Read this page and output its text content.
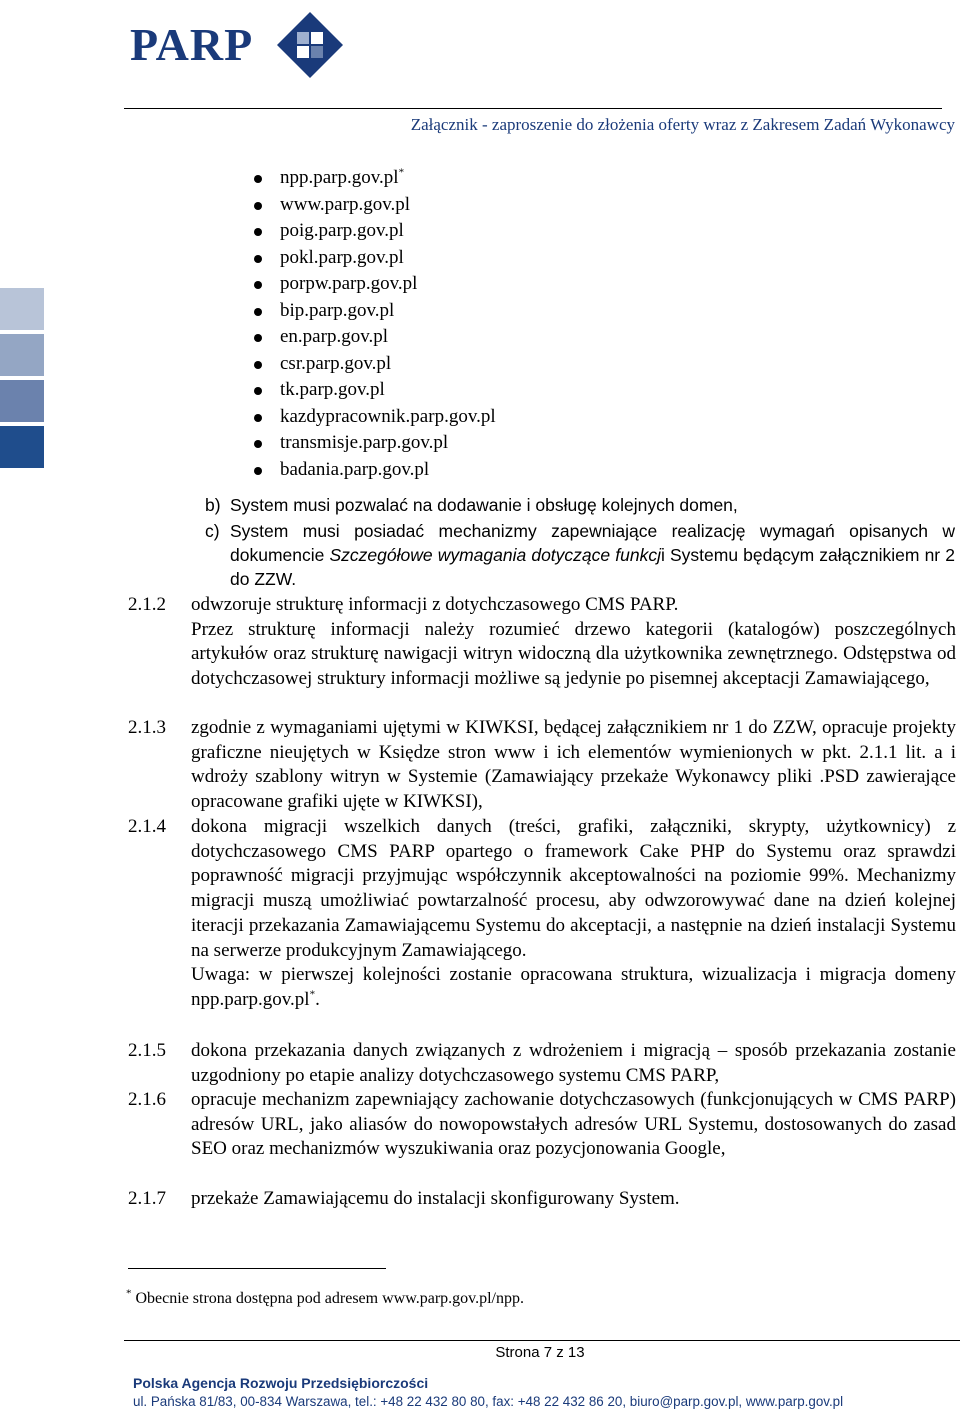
PARP
Załącznik - zaproszenie do złożenia oferty wraz z Zakresem Zadań Wykonawcy
npp.parp.gov.pl*
www.parp.gov.pl
poig.parp.gov.pl
pokl.parp.gov.pl
porpw.parp.gov.pl
bip.parp.gov.pl
en.parp.gov.pl
csr.parp.gov.pl
tk.parp.gov.pl
kazdypracownik.parp.gov.pl
transmisje.parp.gov.pl
badania.parp.gov.pl
b) System musi pozwalać na dodawanie i obsługę kolejnych domen,
c) System musi posiadać mechanizmy zapewniające realizację wymagań opisanych w dokumencie Szczegółowe wymagania dotyczące funkcji Systemu będącym załącznikiem nr 2 do ZZW.
2.1.2 odwzoruje strukturę informacji z dotychczasowego CMS PARP.

Przez strukturę informacji należy rozumieć drzewo kategorii (katalogów) poszczególnych artykułów oraz strukturę nawigacji witryn widoczną dla użytkownika zewnętrznego. Odstępstwa od dotychczasowej struktury informacji możliwe są jedynie po pisemnej akceptacji Zamawiającego,

2.1.3 zgodnie z wymaganiami ujętymi w KIWKSI, będącej załącznikiem nr 1 do ZZW, opracuje projekty graficzne nieujętych w Księdze stron www i ich elementów wymienionych w pkt. 2.1.1 lit. a i wdroży szablony witryn w Systemie (Zamawiający przekaże Wykonawcy pliki .PSD zawierające opracowane grafiki ujęte w KIWKSI),

2.1.4 dokona migracji wszelkich danych (treści, grafiki, załączniki, skrypty, użytkownicy) z dotychczasowego CMS PARP opartego o framework Cake PHP do Systemu oraz sprawdzi poprawność migracji przyjmując współczynnik akceptowalności na poziomie 99%. Mechanizmy migracji muszą umożliwiać powtarzalność procesu, aby odwzorowywać dane na dzień kolejnej iteracji przekazania Zamawiającemu Systemu do akceptacji, a następnie na dzień instalacji Systemu na serwerze produkcyjnym Zamawiającego.

Uwaga: w pierwszej kolejności zostanie opracowana struktura, wizualizacja i migracja domeny npp.parp.gov.pl*.

2.1.5 dokona przekazania danych związanych z wdrożeniem i migracją – sposób przekazania zostanie uzgodniony po etapie analizy dotychczasowego systemu CMS PARP,

2.1.6 opracuje mechanizm zapewniający zachowanie dotychczasowych (funkcjonujących w CMS PARP) adresów URL, jako aliasów do nowopowstałych adresów URL Systemu, dostosowanych do zasad SEO oraz mechanizmów wyszukiwania oraz pozycjonowania Google,

2.1.7 przekaże Zamawiającemu do instalacji skonfigurowany System.

* Obecnie strona dostępna pod adresem www.parp.gov.pl/npp.
Strona 7 z 13
Polska Agencja Rozwoju Przedsiębiorczości
ul. Pańska 81/83, 00-834 Warszawa, tel.: +48 22 432 80 80, fax: +48 22 432 86 20, biuro@parp.gov.pl, www.parp.gov.pl
